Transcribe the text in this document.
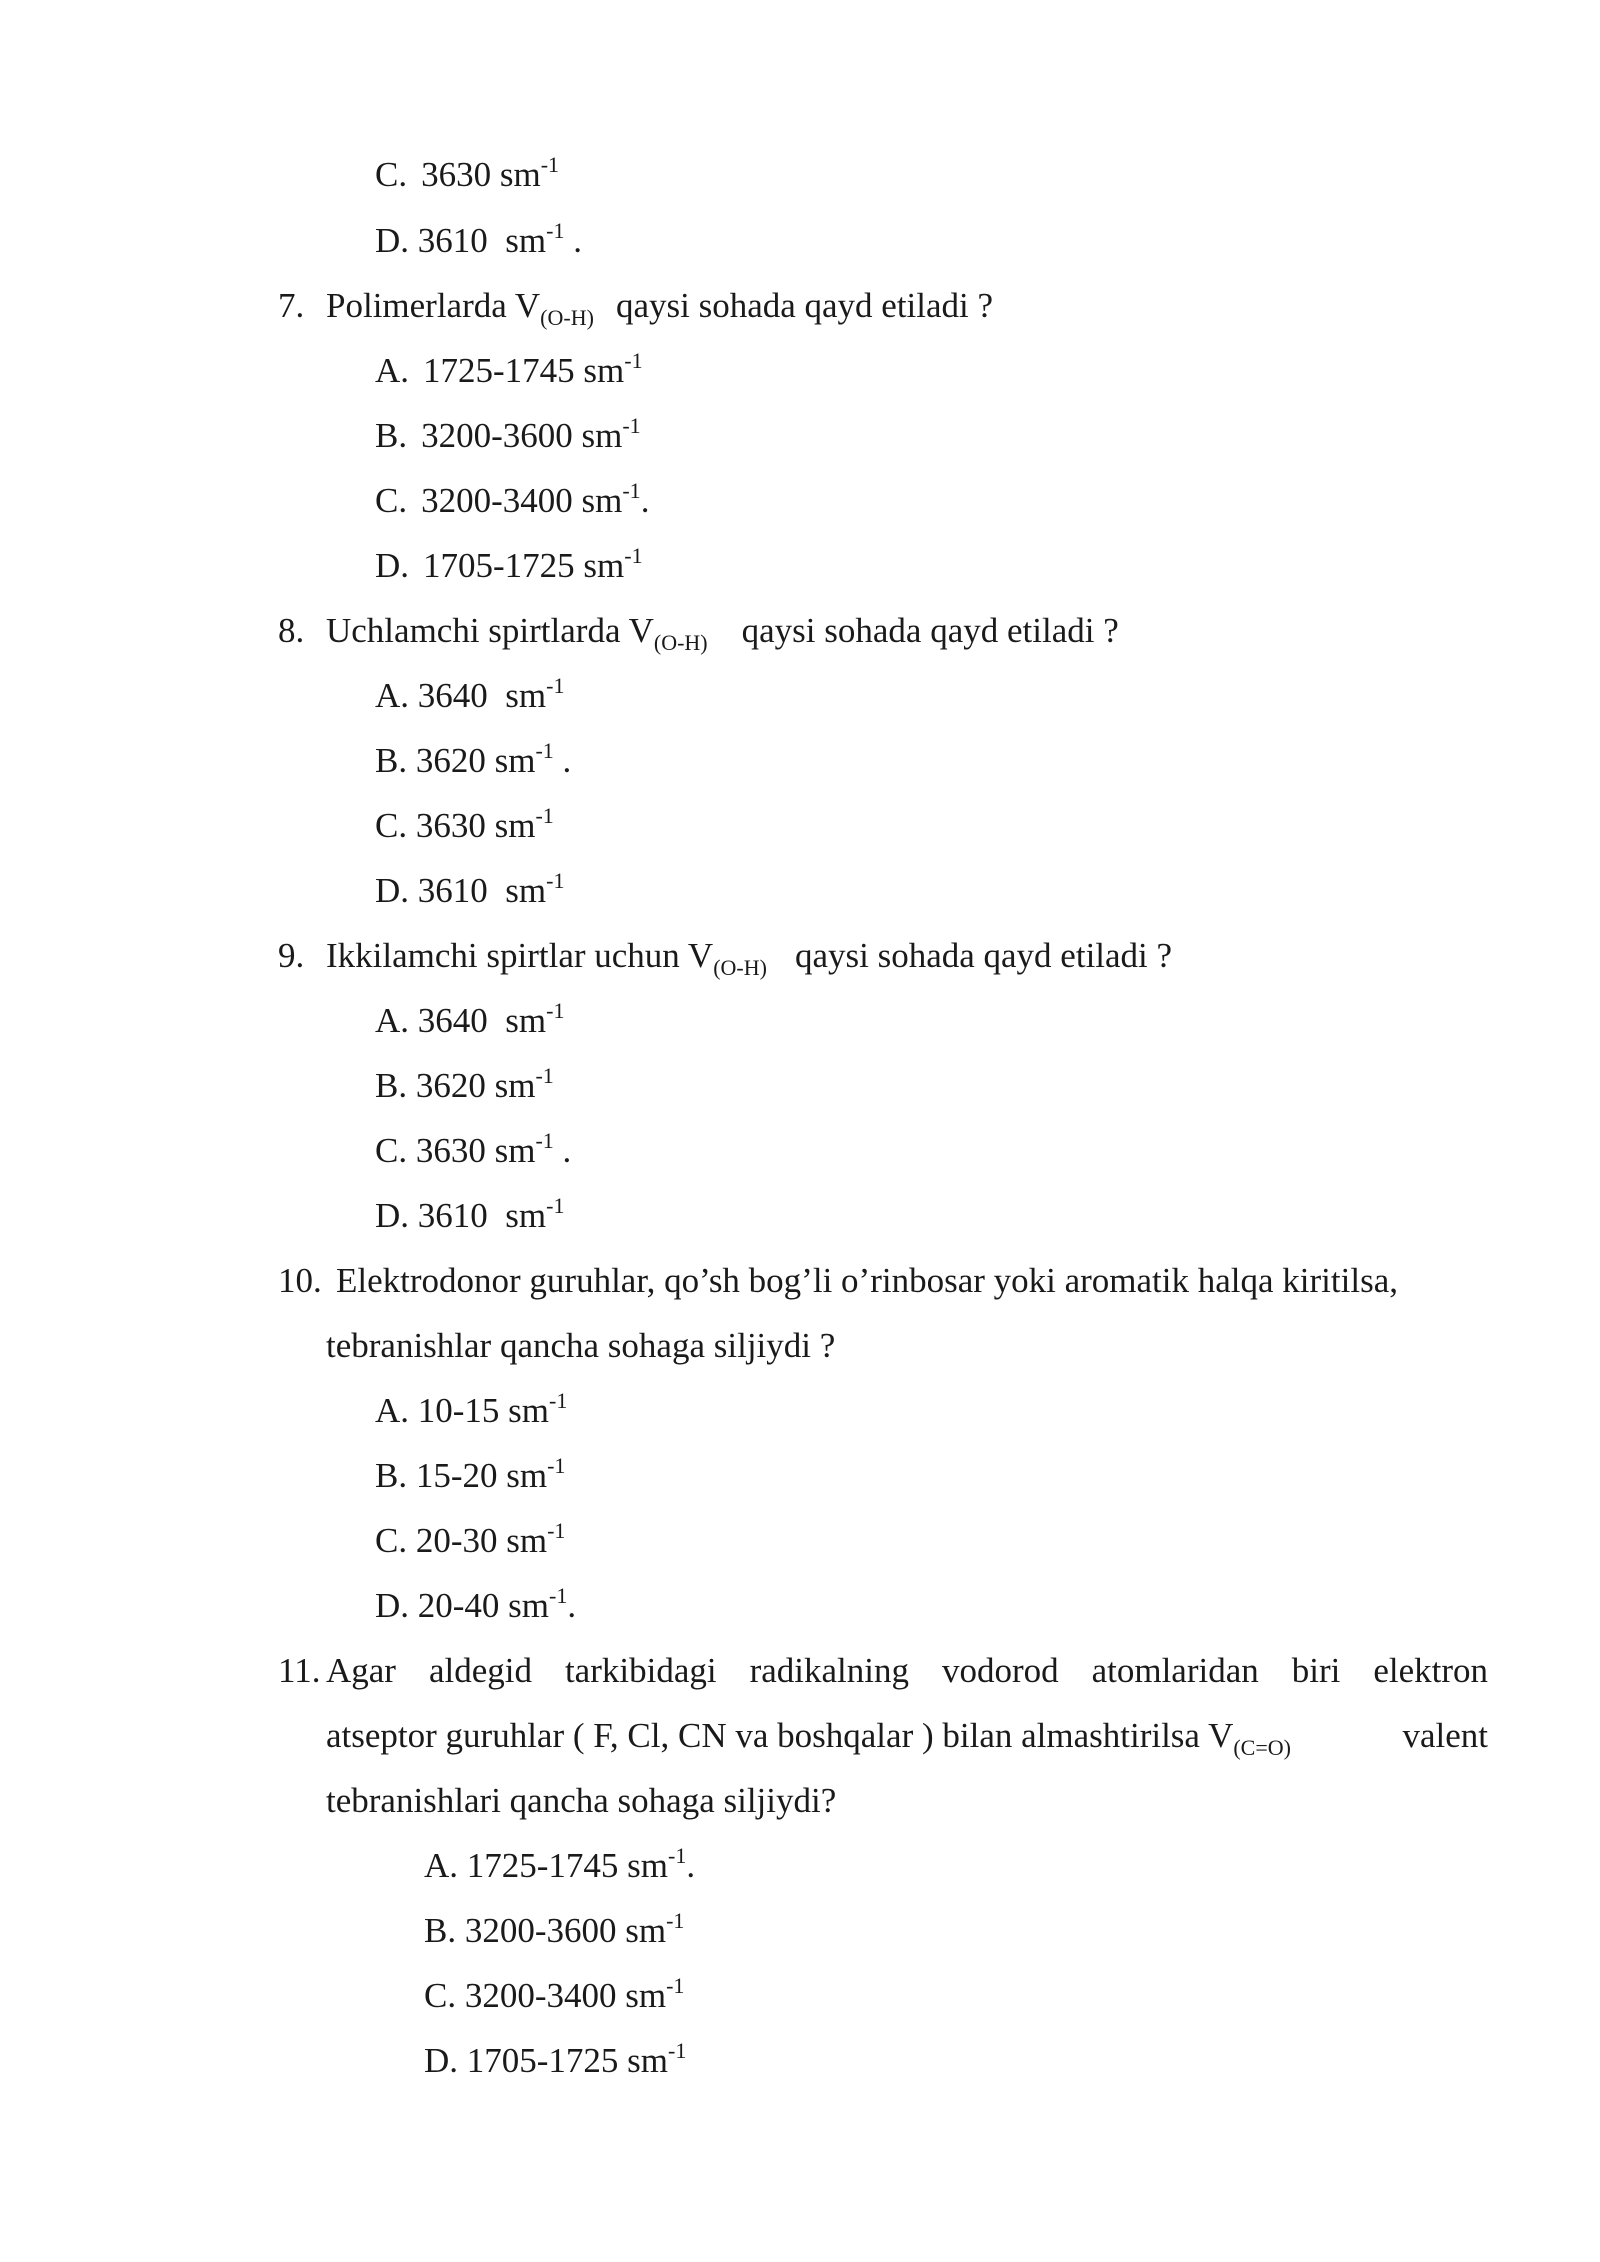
C. 3630 $sm^{-1}$
D. 3610  $sm^{-1}$ .
7. Polimerlarda $V_{(O-H)}$ qaysi sohada qayd etiladi ?
A. 1725-1745 $sm^{-1}$
B. 3200-3600 $sm^{-1}$
C. 3200-3400 $sm^{-1}$.
D. 1705-1725 $sm^{-1}$
8. Uchlamchi spirtlarda $V_{(O-H)}$ qaysi sohada qayd etiladi ?
A. 3640  $sm^{-1}$
B. 3620 $sm^{-1}$ .
C. 3630 $sm^{-1}$
D. 3610  $sm^{-1}$
9. Ikkilamchi spirtlar uchun $V_{(O-H)}$ qaysi sohada qayd etiladi ?
A. 3640  $sm^{-1}$
B. 3620 $sm^{-1}$
C. 3630 $sm^{-1}$ .
D. 3610  $sm^{-1}$
10. Elektrodonor guruhlar, qo’sh bog’li o’rinbosar yoki aromatik halqa kiritilsa,
tebranishlar qancha sohaga siljiydi ?
A. 10-15 $sm^{-1}$
B. 15-20 $sm^{-1}$
C. 20-30 $sm^{-1}$
D. 20-40 $sm^{-1}$.
11. Agar aldegid tarkibidagi radikalning vodorod atomlaridan biri elektron
atseptor guruhlar ( F, Cl, CN va boshqalar ) bilan almashtirilsa $V_{(C=O)}$	valent
tebranishlari qancha sohaga siljiydi?
A. 1725-1745 $sm^{-1}$.
B. 3200-3600 $sm^{-1}$
C. 3200-3400 $sm^{-1}$
D. 1705-1725 $sm^{-1}$
